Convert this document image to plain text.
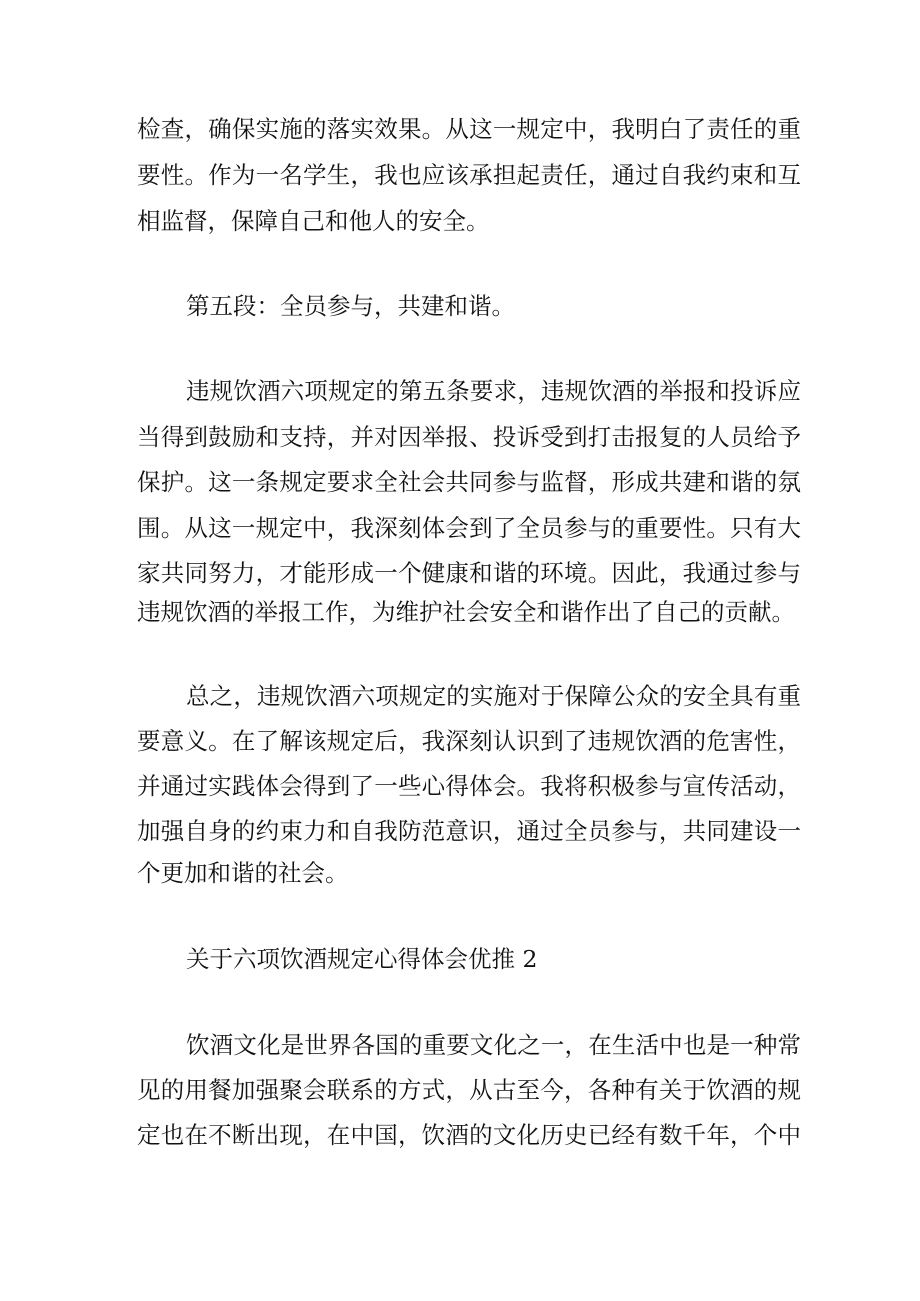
检查，确保实施的落实效果。从这一规定中，我明白了责任的重
要性。作为一名学生，我也应该承担起责任，通过自我约束和互
相监督，保障自己和他人的安全。
第五段：全员参与，共建和谐。
违规饮酒六项规定的第五条要求，违规饮酒的举报和投诉应
当得到鼓励和支持，并对因举报、投诉受到打击报复的人员给予
保护。这一条规定要求全社会共同参与监督，形成共建和谐的氛
围。从这一规定中，我深刻体会到了全员参与的重要性。只有大
家共同努力，才能形成一个健康和谐的环境。因此，我通过参与
违规饮酒的举报工作，为维护社会安全和谐作出了自己的贡献。
总之，违规饮酒六项规定的实施对于保障公众的安全具有重
要意义。在了解该规定后，我深刻认识到了违规饮酒的危害性，
并通过实践体会得到了一些心得体会。我将积极参与宣传活动，
加强自身的约束力和自我防范意识，通过全员参与，共同建设一
个更加和谐的社会。
关于六项饮酒规定心得体会优推 2
饮酒文化是世界各国的重要文化之一，在生活中也是一种常
见的用餐加强聚会联系的方式，从古至今，各种有关于饮酒的规
定也在不断出现，在中国，饮酒的文化历史已经有数千年，个中
